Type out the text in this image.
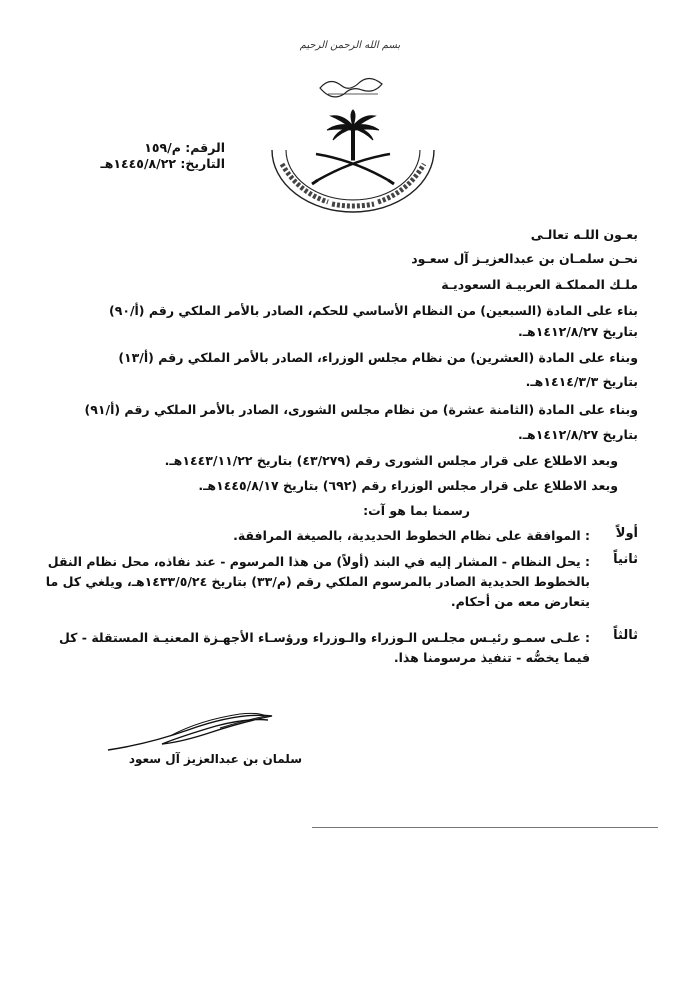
بسم الله الرحمن الرحيم
الرقم: م/١٥٩
التاريخ: ١٤٤٥/٨/٢٢هـ
بعـون اللـه تعالـى
نحـن سلمـان بن عبدالعزيـز آل سعـود
ملـك المملكـة العربيـة السعوديـة
بناء على المادة (السبعين) من النظام الأساسي للحكم، الصادر بالأمر الملكي رقم (أ/٩٠)
بتاريخ ١٤١٢/٨/٢٧هـ.
وبناء على المادة (العشرين) من نظام مجلس الوزراء، الصادر بالأمر الملكي رقم (أ/١٣)
بتاريخ ١٤١٤/٣/٣هـ.
وبناء على المادة (الثامنة عشرة) من نظام مجلس الشورى، الصادر بالأمر الملكي رقم (أ/٩١)
بتاريخ ١٤١٢/٨/٢٧هـ.
وبعد الاطلاع على قرار مجلس الشورى رقم (٤٣/٢٧٩) بتاريخ ١٤٤٣/١١/٢٢هـ.
وبعد الاطلاع على قرار مجلس الوزراء رقم (٦٩٢) بتاريخ ١٤٤٥/٨/١٧هـ.
رسمنا بما هو آت:
أولاً
: الموافقة على نظام الخطوط الحديدية، بالصيغة المرافقة.
ثانياً
: يحل النظام - المشار إليه في البند (أولاً) من هذا المرسوم - عند نفاذه، محل نظام النقل بالخطوط الحديدية الصادر بالمرسوم الملكي رقم (م/٣٣) بتاريخ ١٤٣٣/٥/٢٤هـ، ويلغي كل ما يتعارض معه من أحكام.
ثالثاً
: علـى سمـو رئيـس مجلـس الـوزراء والـوزراء ورؤسـاء الأجهـزة المعنيـة المستقلة - كل فيما يخصُّه - تنفيذ مرسومنا هذا.
سلمان بن عبدالعزيز آل سعود
